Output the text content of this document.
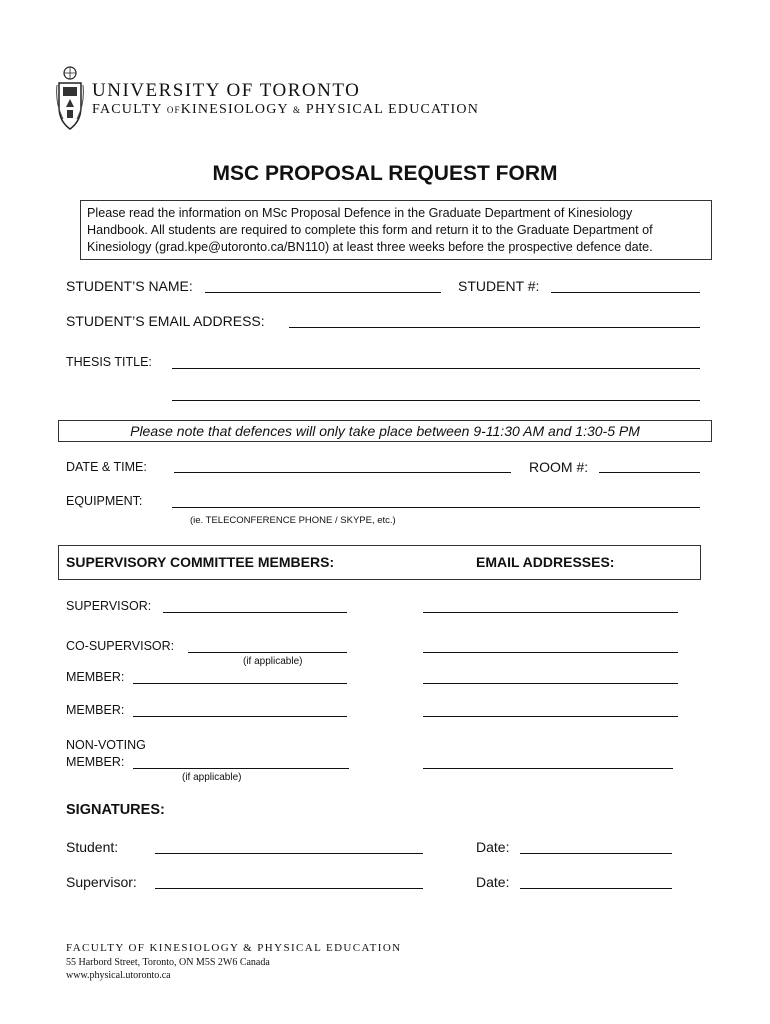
UNIVERSITY OF TORONTO
FACULTY OFKINESIOLOGY & PHYSICAL EDUCATION
MSC PROPOSAL REQUEST FORM
Please read the information on MSc Proposal Defence in the Graduate Department of Kinesiology
Handbook. All students are required to complete this form and return it to the Graduate Department of
Kinesiology (grad.kpe@utoronto.ca/BN110) at least three weeks before the prospective defence date.
STUDENT’S NAME:	STUDENT #:
STUDENT’S EMAIL ADDRESS:
THESIS TITLE:
Please note that defences will only take place between 9-11:30 AM and 1:30-5 PM
DATE & TIME:	ROOM #:
EQUIPMENT:
(ie. TELECONFERENCE PHONE / SKYPE, etc.)
SUPERVISORY COMMITTEE MEMBERS:	EMAIL ADDRESSES:
SUPERVISOR:
CO-SUPERVISOR:
(if applicable)
MEMBER:
MEMBER:
NON-VOTING
MEMBER:
(if applicable)
SIGNATURES:
Student:	Date:
Supervisor:	Date:
FACULTY OF KINESIOLOGY & PHYSICAL EDUCATION
55 Harbord Street, Toronto, ON M5S 2W6 Canada
www.physical.utoronto.ca
